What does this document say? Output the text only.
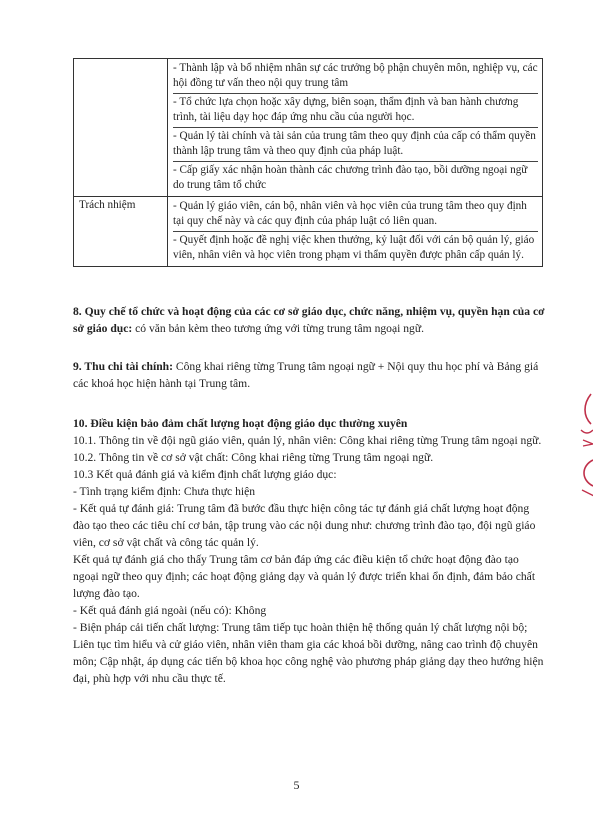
	- Thành lập và bổ nhiệm nhân sự các trưởng bộ phận chuyên môn, nghiệp vụ, các hội đồng tư vấn theo nội quy trung tâm
- Tổ chức lựa chọn hoặc xây dựng, biên soạn, thẩm định và ban hành chương trình, tài liệu dạy học đáp ứng nhu cầu của người học.
- Quản lý tài chính và tài sản của trung tâm theo quy định của cấp có thẩm quyền thành lập trung tâm và theo quy định của pháp luật.
- Cấp giấy xác nhận hoàn thành các chương trình đào tạo, bồi dưỡng ngoại ngữ do trung tâm tổ chức

Trách nhiệm	- Quản lý giáo viên, cán bộ, nhân viên và học viên của trung tâm theo quy định tại quy chế này và các quy định của pháp luật có liên quan.
- Quyết định hoặc đề nghị việc khen thưởng, kỷ luật đối với cán bộ quản lý, giáo viên, nhân viên và học viên trong phạm vi thẩm quyền được phân cấp quản lý.

8. Quy chế tổ chức và hoạt động của các cơ sở giáo dục, chức năng, nhiệm vụ, quyền hạn của cơ sở giáo dục: có văn bản kèm theo tương ứng với từng trung tâm ngoại ngữ.

9. Thu chi tài chính: Công khai riêng từng Trung tâm ngoại ngữ + Nội quy thu học phí và Bảng giá các khoá học hiện hành tại Trung tâm.

10. Điều kiện bảo đảm chất lượng hoạt động giáo dục thường xuyên

10.1. Thông tin về đội ngũ giáo viên, quản lý, nhân viên: Công khai riêng từng Trung tâm ngoại ngữ.

10.2. Thông tin về cơ sở vật chất: Công khai riêng từng Trung tâm ngoại ngữ.

10.3 Kết quả đánh giá và kiểm định chất lượng giáo dục:

- Tình trạng kiểm định: Chưa thực hiện

- Kết quả tự đánh giá: Trung tâm đã bước đầu thực hiện công tác tự đánh giá chất lượng hoạt động đào tạo theo các tiêu chí cơ bản, tập trung vào các nội dung như: chương trình đào tạo, đội ngũ giáo viên, cơ sở vật chất và công tác quản lý.

Kết quả tự đánh giá cho thấy Trung tâm cơ bản đáp ứng các điều kiện tổ chức hoạt động đào tạo ngoại ngữ theo quy định; các hoạt động giảng dạy và quản lý được triển khai ổn định, đảm bảo chất lượng đào tạo.

- Kết quả đánh giá ngoài (nếu có): Không

- Biện pháp cải tiến chất lượng: Trung tâm tiếp tục hoàn thiện hệ thống quản lý chất lượng nội bộ; Liên tục tìm hiểu và cử giáo viên, nhân viên tham gia các khoá bồi dưỡng, nâng cao trình độ chuyên môn; Cập nhật, áp dụng các tiến bộ khoa học công nghệ vào phương pháp giảng dạy theo hướng hiện đại, phù hợp với nhu cầu thực tế.

5
